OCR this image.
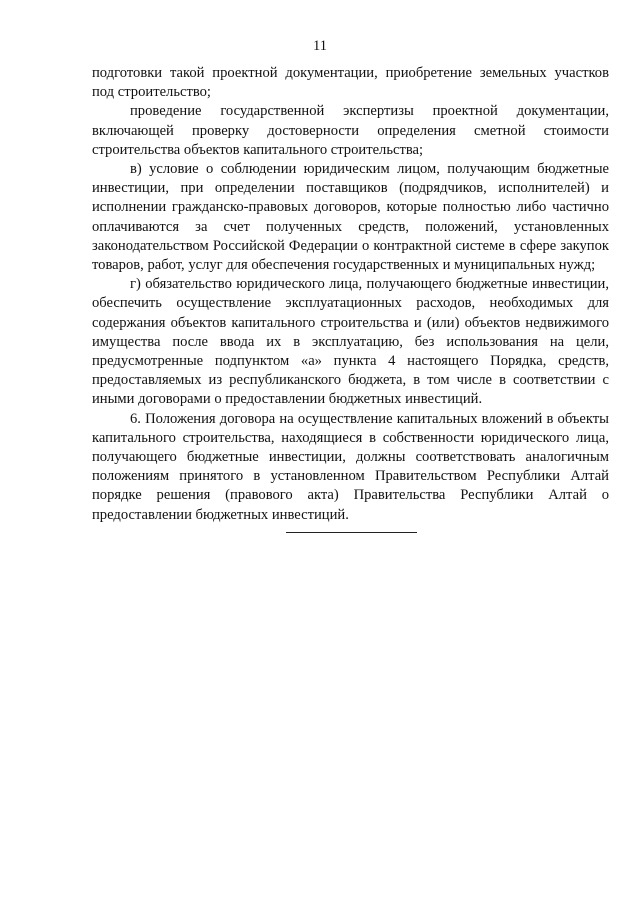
11

подготовки такой проектной документации, приобретение земельных участков под строительство;

проведение государственной экспертизы проектной документации, включающей проверку достоверности определения сметной стоимости строительства объектов капитального строительства;

в) условие о соблюдении юридическим лицом, получающим бюджетные инвестиции, при определении поставщиков (подрядчиков, исполнителей) и исполнении гражданско-правовых договоров, которые полностью либо частично оплачиваются за счет полученных средств, положений, установленных законодательством Российской Федерации о контрактной системе в сфере закупок товаров, работ, услуг для обеспечения государственных и муниципальных нужд;

г) обязательство юридического лица, получающего бюджетные инвестиции, обеспечить осуществление эксплуатационных расходов, необходимых для содержания объектов капитального строительства и (или) объектов недвижимого имущества после ввода их в эксплуатацию, без использования на цели, предусмотренные подпунктом «а» пункта 4 настоящего Порядка, средств, предоставляемых из республиканского бюджета, в том числе в соответствии с иными договорами о предоставлении бюджетных инвестиций.

6. Положения договора на осуществление капитальных вложений в объекты капитального строительства, находящиеся в собственности юридического лица, получающего бюджетные инвестиции, должны соответствовать аналогичным положениям принятого в установленном Правительством Республики Алтай порядке решения (правового акта) Правительства Республики Алтай о предоставлении бюджетных инвестиций.
